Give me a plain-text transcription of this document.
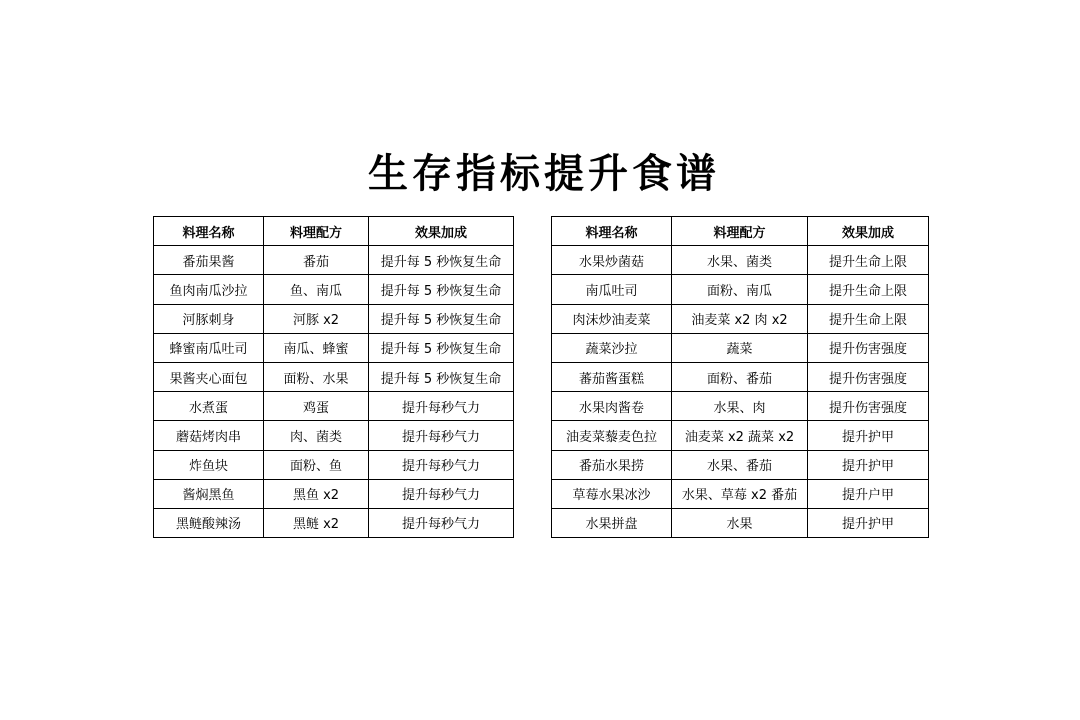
生存指标提升食谱
料理名称	料理配方	效果加成
番茄果酱	番茄	提升每 5 秒恢复生命
鱼肉南瓜沙拉	鱼、南瓜	提升每 5 秒恢复生命
河豚刺身	河豚 x2	提升每 5 秒恢复生命
蜂蜜南瓜吐司	南瓜、蜂蜜	提升每 5 秒恢复生命
果酱夹心面包	面粉、水果	提升每 5 秒恢复生命
水煮蛋	鸡蛋	提升每秒气力
蘑菇烤肉串	肉、菌类	提升每秒气力
炸鱼块	面粉、鱼	提升每秒气力
酱焖黑鱼	黑鱼 x2	提升每秒气力
黑鲢酸辣汤	黑鲢 x2	提升每秒气力
料理名称	料理配方	效果加成
水果炒菌菇	水果、菌类	提升生命上限
南瓜吐司	面粉、南瓜	提升生命上限
肉沫炒油麦菜	油麦菜 x2 肉 x2	提升生命上限
蔬菜沙拉	蔬菜	提升伤害强度
蕃茄酱蛋糕	面粉、番茄	提升伤害强度
水果肉酱卷	水果、肉	提升伤害强度
油麦菜藜麦色拉	油麦菜 x2 蔬菜 x2	提升护甲
番茄水果捞	水果、番茄	提升护甲
草莓水果冰沙	水果、草莓 x2 番茄	提升户甲
水果拼盘	水果	提升护甲
